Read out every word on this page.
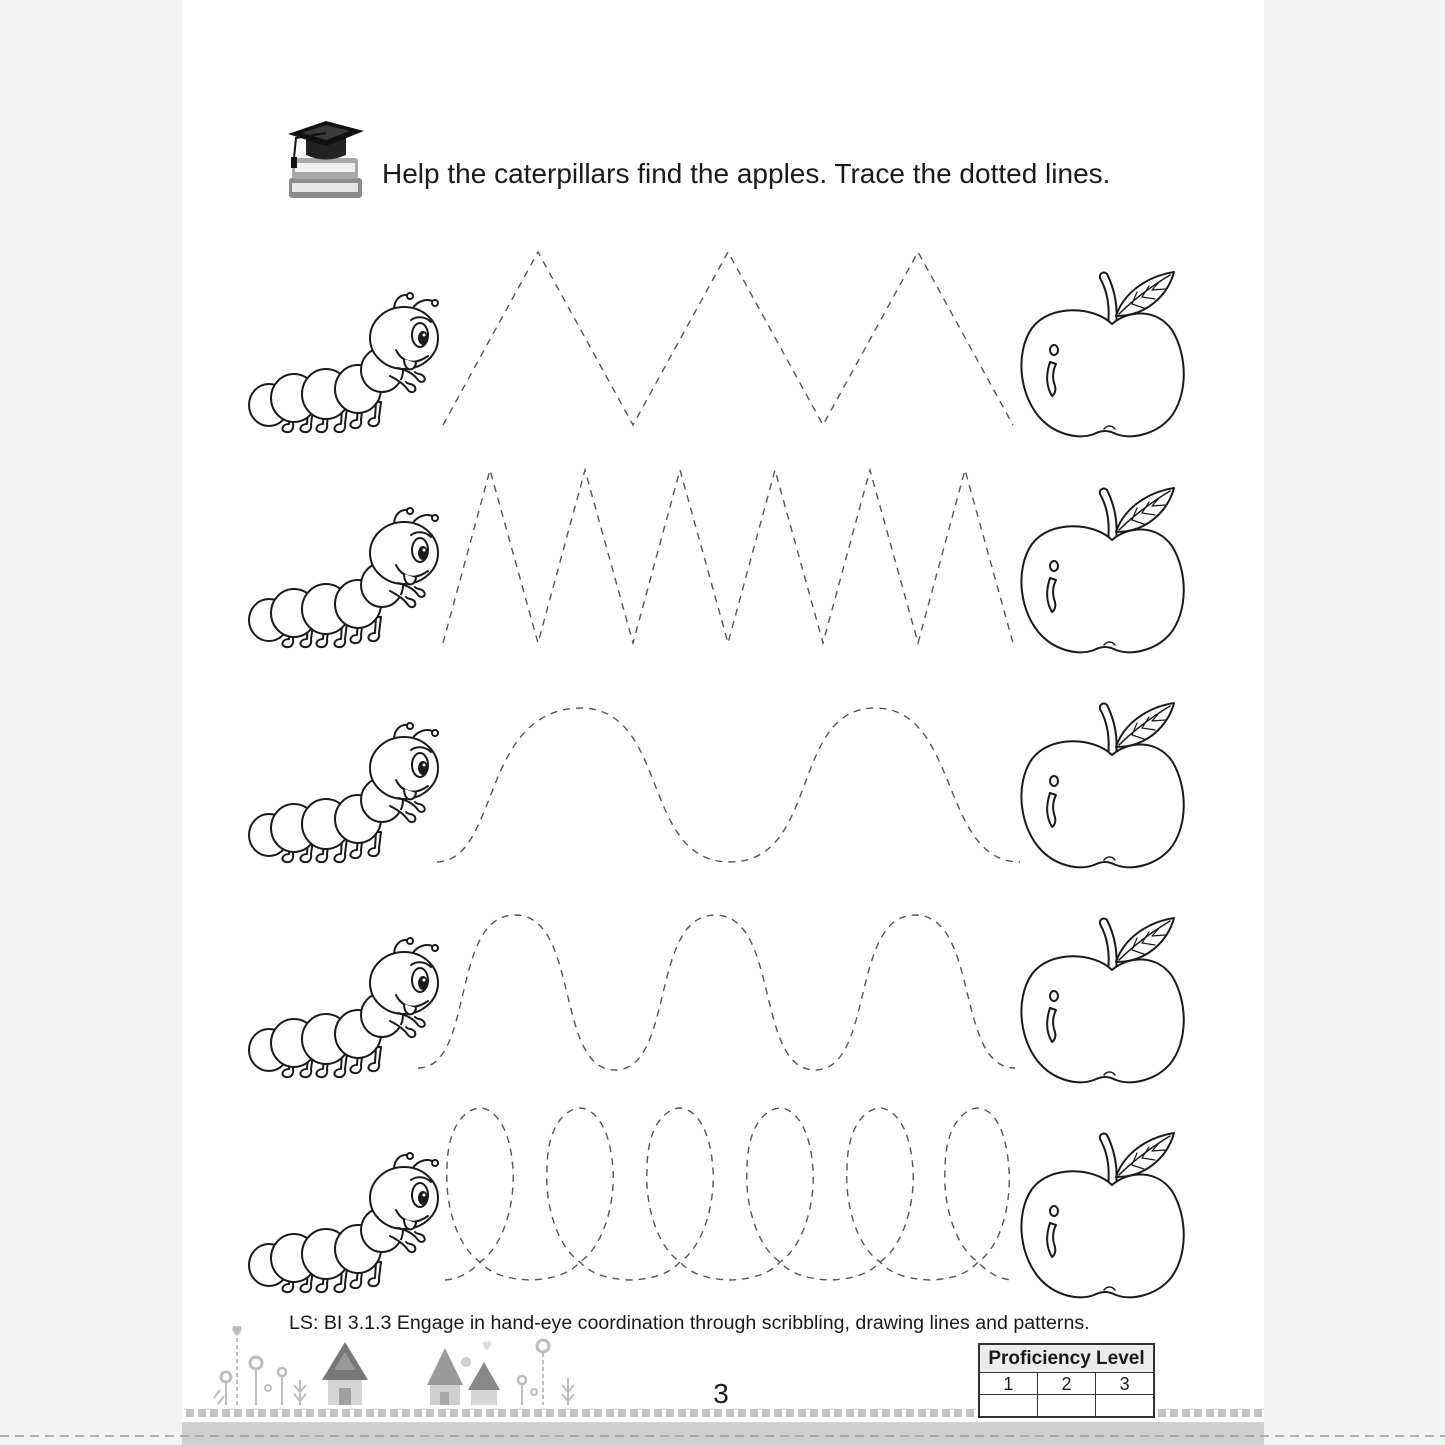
Help the caterpillars find the apples. Trace the dotted lines.
LS: BI 3.1.3 Engage in hand-eye coordination through scribbling, drawing lines and patterns.
3
Proficiency Level		
1	2	3
